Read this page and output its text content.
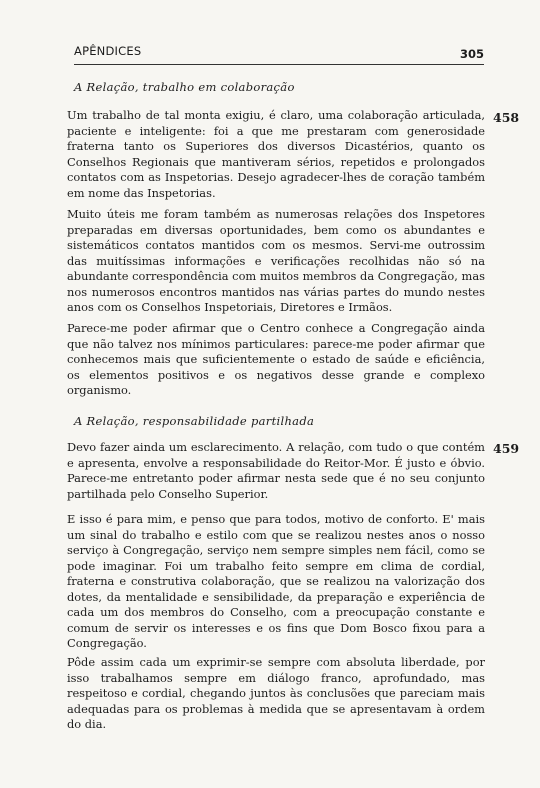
APÊNDICES	305
A Relação, trabalho em colaboração
458

Um trabalho de tal monta exigiu, é claro, uma colaboração articulada, paciente e inteligente: foi a que me prestaram com generosidade fraterna tanto os Superiores dos diversos Dicastérios, quanto os Conselhos Regionais que mantiveram sérios, repetidos e prolongados contatos com as Inspetorias. Desejo agradecer-lhes de coração também em nome das Inspetorias.

Muito úteis me foram também as numerosas relações dos Inspetores preparadas em diversas oportunidades, bem como os abundantes e sistemáticos contatos mantidos com os mesmos. Servi-me outrossim das muitíssimas informações e verificações recolhidas não só na abundante correspondência com muitos membros da Congregação, mas nos numerosos encontros mantidos nas várias partes do mundo nestes anos com os Conselhos Inspetoriais, Diretores e Irmãos.

Parece-me poder afirmar que o Centro conhece a Congregação ainda que não talvez nos mínimos particulares: parece-me poder afirmar que conhecemos mais que suficientemente o estado de saúde e eficiência, os elementos positivos e os negativos desse grande e complexo organismo.

A Relação, responsabilidade partilhada
459

Devo fazer ainda um esclarecimento. A relação, com tudo o que contém e apresenta, envolve a responsabilidade do Reitor-Mor. É justo e óbvio. Parece-me entretanto poder afirmar nesta sede que é no seu conjunto partilhada pelo Conselho Superior.

E isso é para mim, e penso que para todos, motivo de conforto. E' mais um sinal do trabalho e estilo com que se realizou nestes anos o nosso serviço à Congregação, serviço nem sempre simples nem fácil, como se pode imaginar. Foi um trabalho feito sempre em clima de cordial, fraterna e construtiva colaboração, que se realizou na valorização dos dotes, da mentalidade e sensibilidade, da preparação e experiência de cada um dos membros do Conselho, com a preocupação constante e comum de servir os interesses e os fins que Dom Bosco fixou para a Congregação.

Pôde assim cada um exprimir-se sempre com absoluta liberdade, por isso trabalhamos sempre em diálogo franco, aprofundado, mas respeitoso e cordial, chegando juntos às conclusões que pareciam mais adequadas para os problemas à medida que se apresentavam à ordem do dia.
